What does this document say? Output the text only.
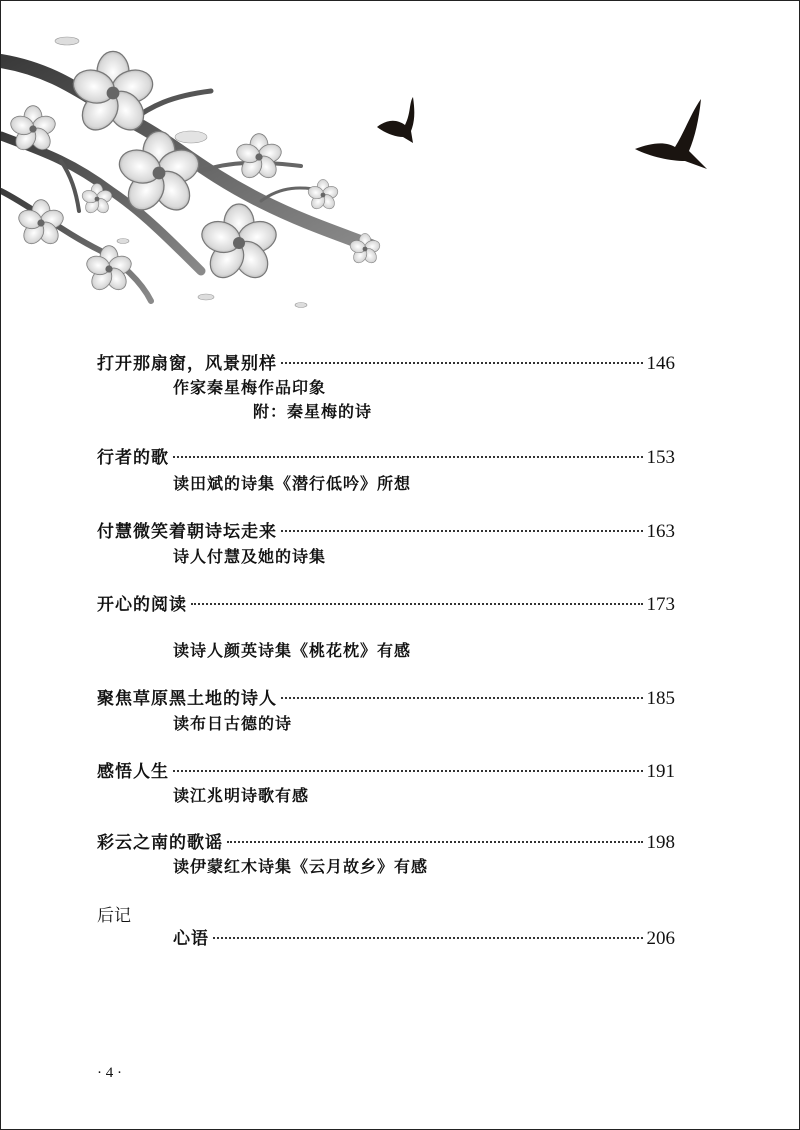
打开那扇窗，风景别样	146
作家秦星梅作品印象
附：秦星梅的诗
行者的歌	153
读田斌的诗集《潜行低吟》所想
付慧微笑着朝诗坛走来	163
诗人付慧及她的诗集
开心的阅读	173
读诗人颜英诗集《桃花枕》有感
聚焦草原黑土地的诗人	185
读布日古德的诗
感悟人生	191
读江兆明诗歌有感
彩云之南的歌谣	198
读伊蒙红木诗集《云月故乡》有感
后记
心语	206
· 4 ·
